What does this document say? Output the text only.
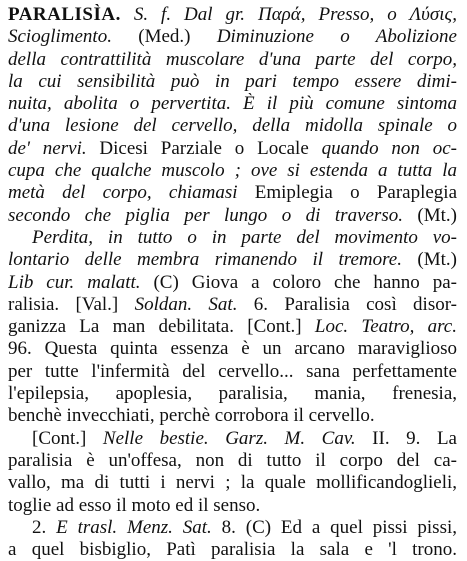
PARALISÌA. S. f. Dal gr. Παρά, Presso, o Λύσις,
Scioglimento. (Med.) Diminuzione o Abolizione
della contrattilità muscolare d'una parte del corpo,
la cui sensibilità può in pari tempo essere dimi-
nuita, abolita o pervertita. È il più comune sintoma
d'una lesione del cervello, della midolla spinale o
de' nervi. Dicesi Parziale o Locale quando non oc-
cupa che qualche muscolo ; ove si estenda a tutta la
metà del corpo, chiamasi Emiplegia o Paraplegia
secondo che piglia per lungo o di traverso. (Mt.)
Perdita, in tutto o in parte del movimento vo-
lontario delle membra rimanendo il tremore. (Mt.)
Lib cur. malatt. (C) Giova a coloro che hanno pa-
ralisia. [Val.] Soldan. Sat. 6. Paralisia così disor-
ganizza La man debilitata. [Cont.] Loc. Teatro, arc.
96. Questa quinta essenza è un arcano maraviglioso
per tutte l'infermità del cervello... sana perfettamente
l'epilepsia, apoplesia, paralisia, mania, frenesia,
benchè invecchiati, perchè corrobora il cervello.
[Cont.] Nelle bestie. Garz. M. Cav. II. 9. La
paralisia è un'offesa, non di tutto il corpo del ca-
vallo, ma di tutti i nervi ; la quale mollificandoglieli,
toglie ad esso il moto ed il senso.
2. E trasl. Menz. Sat. 8. (C) Ed a quel pissi pissi,
a quel bisbiglio, Patì paralisia la sala e 'l trono.
